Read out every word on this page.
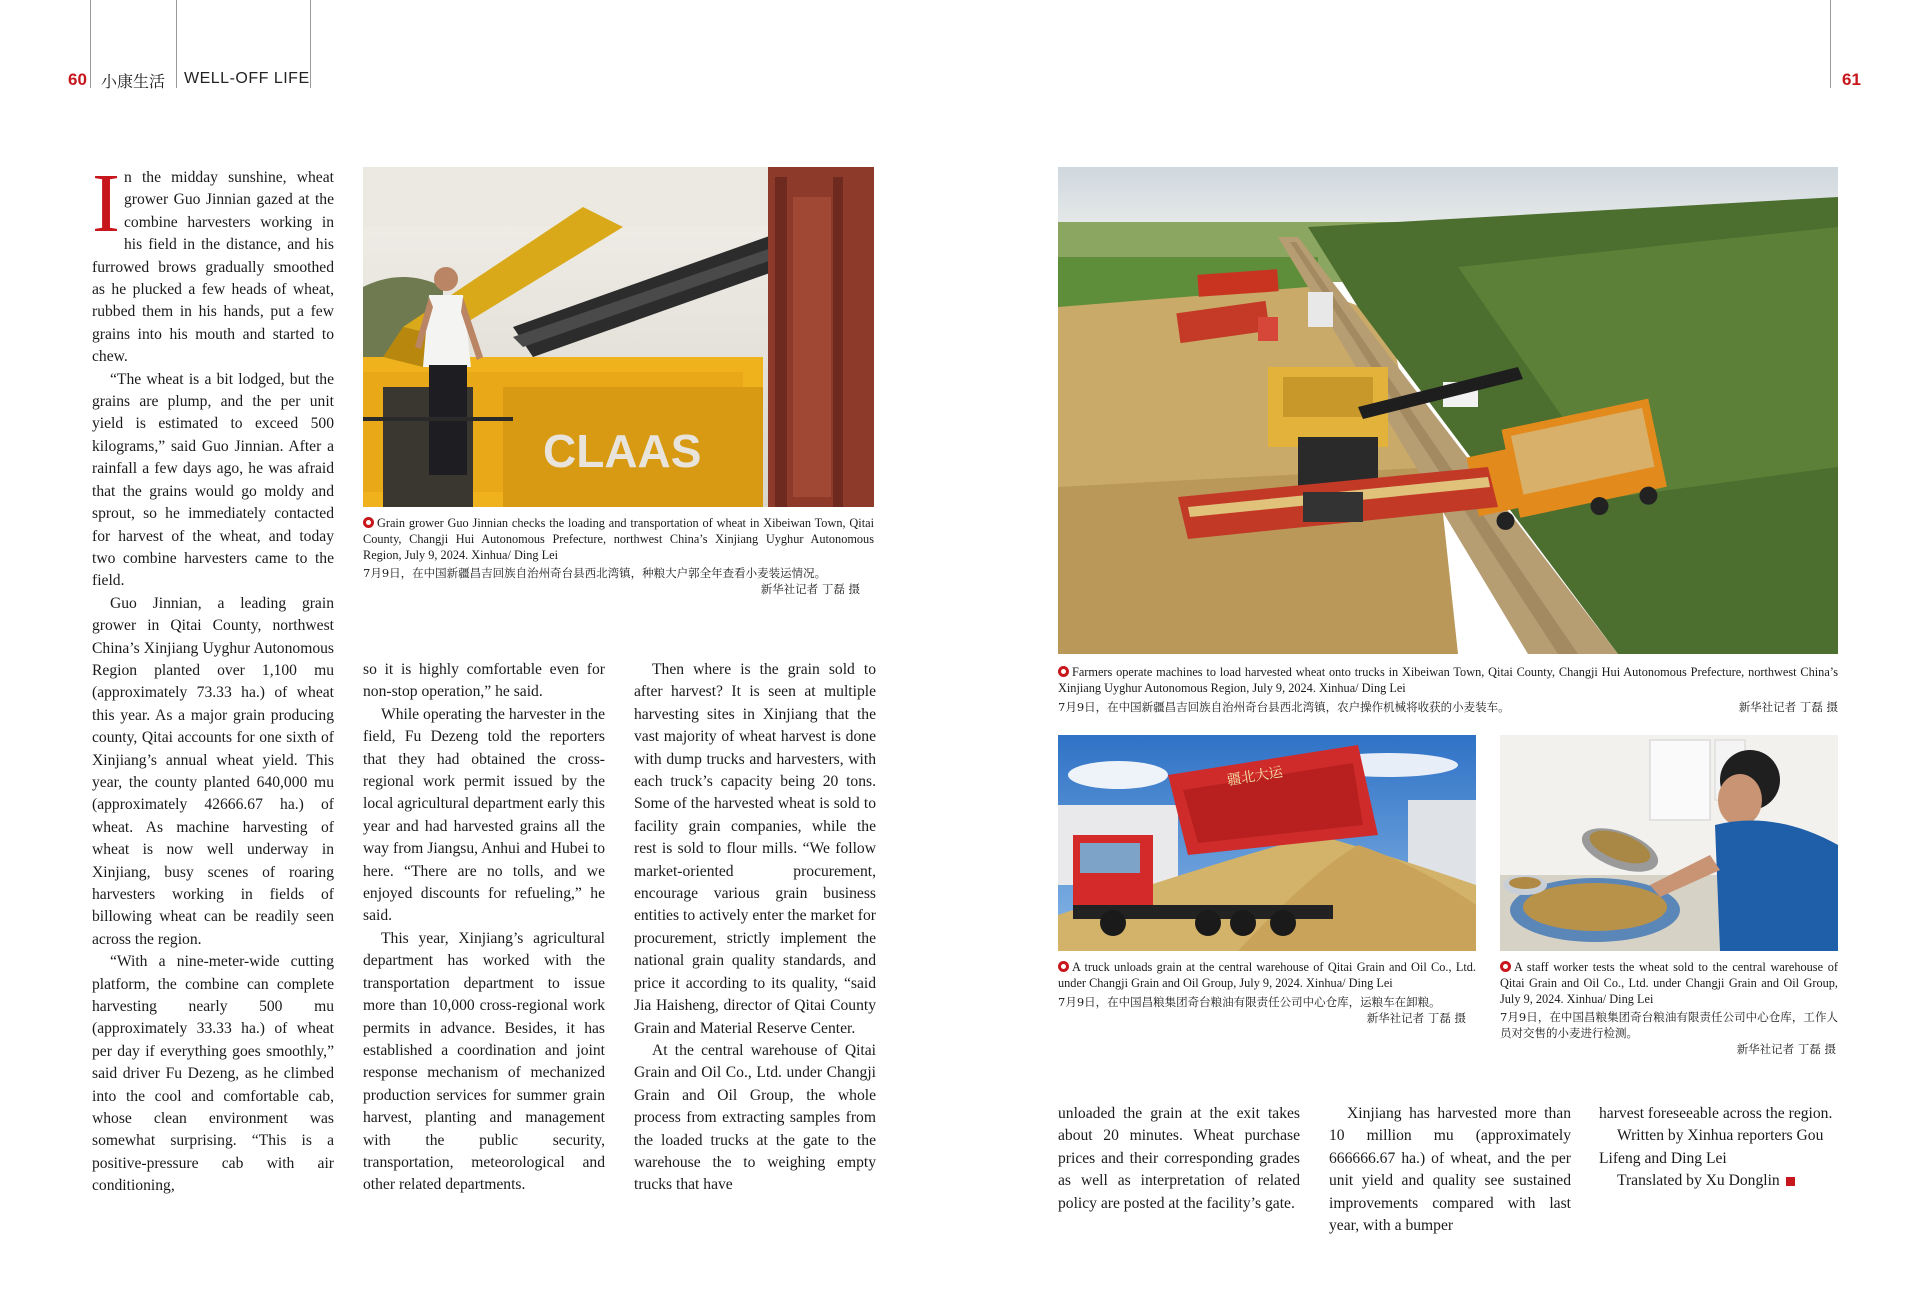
60 小康生活 WELL-OFF LIFE	61
I n the midday sunshine, wheat grower Guo Jinnian gazed at the combine harvesters working in his field in the distance, and his furrowed brows gradually smoothed as he plucked a few heads of wheat, rubbed them in his hands, put a few grains into his mouth and started to chew.

“The wheat is a bit lodged, but the grains are plump, and the per unit yield is estimated to exceed 500 kilograms,” said Guo Jinnian. After a rainfall a few days ago, he was afraid that the grains would go moldy and sprout, so he immediately contacted for harvest of the wheat, and today two combine harvesters came to the field.

Guo Jinnian, a leading grain grower in Qitai County, northwest China’s Xinjiang Uyghur Autonomous Region planted over 1,100 mu (approximately 73.33 ha.) of wheat this year. As a major grain producing county, Qitai accounts for one sixth of Xinjiang’s annual wheat yield. This year, the county planted 640,000 mu (approximately 42666.67 ha.) of wheat. As machine harvesting of wheat is now well underway in Xinjiang, busy scenes of roaring harvesters working in fields of billowing wheat can be readily seen across the region.

“With a nine-meter-wide cutting platform, the combine can complete harvesting nearly 500 mu (approximately 33.33 ha.) of wheat per day if everything goes smoothly,” said driver Fu Dezeng, as he climbed into the cool and comfortable cab, whose clean environment was somewhat surprising. “This is a positive-pressure cab with air conditioning,

so it is highly comfortable even for non-stop operation,” he said.

While operating the harvester in the field, Fu Dezeng told the reporters that they had obtained the cross-regional work permit issued by the local agricultural department early this year and had harvested grains all the way from Jiangsu, Anhui and Hubei to here. “There are no tolls, and we enjoyed discounts for refueling,” he said.

This year, Xinjiang’s agricultural department has worked with the transportation department to issue more than 10,000 cross-regional work permits in advance. Besides, it has established a coordination and joint response mechanism of mechanized production services for summer grain harvest, planting and management with the public security, transportation, meteorological and other related departments.

Then where is the grain sold to after harvest? It is seen at multiple harvesting sites in Xinjiang that the vast majority of wheat harvest is done with dump trucks and harvesters, with each truck’s capacity being 20 tons. Some of the harvested wheat is sold to facility grain companies, while the rest is sold to flour mills. “We follow market-oriented procurement, encourage various grain business entities to actively enter the market for procurement, strictly implement the national grain quality standards, and price it according to its quality, “said Jia Haisheng, director of Qitai County Grain and Material Reserve Center.

At the central warehouse of Qitai Grain and Oil Co., Ltd. under Changji Grain and Oil Group, the whole process from extracting samples from the loaded trucks at the gate to the warehouse the to weighing empty trucks that have

CLAAS
Grain grower Guo Jinnian checks the loading and transportation of wheat in Xibeiwan Town, Qitai County, Changji Hui Autonomous Prefecture, northwest China’s Xinjiang Uyghur Autonomous Region, July 9, 2024. Xinhua/ Ding Lei
7月9日，在中国新疆昌吉回族自治州奇台县西北湾镇，种粮大户郭全年查看小麦装运情况。
新华社记者 丁磊 摄
Farmers operate machines to load harvested wheat onto trucks in Xibeiwan Town, Qitai County, Changji Hui Autonomous Prefecture, northwest China’s Xinjiang Uyghur Autonomous Region, July 9, 2024. Xinhua/ Ding Lei
7月9日，在中国新疆昌吉回族自治州奇台县西北湾镇，农户操作机械将收获的小麦装车。	新华社记者 丁磊 摄
疆北大运
A truck unloads grain at the central warehouse of Qitai Grain and Oil Co., Ltd. under Changji Grain and Oil Group, July 9, 2024. Xinhua/ Ding Lei
7月9日，在中国昌粮集团奇台粮油有限责任公司中心仓库，运粮车在卸粮。
新华社记者 丁磊 摄
A staff worker tests the wheat sold to the central warehouse of Qitai Grain and Oil Co., Ltd. under Changji Grain and Oil Group, July 9, 2024. Xinhua/ Ding Lei
7月9日，在中国昌粮集团奇台粮油有限责任公司中心仓库，工作人员对交售的小麦进行检测。
新华社记者 丁磊 摄

unloaded the grain at the exit takes about 20 minutes. Wheat purchase prices and their corresponding grades as well as interpretation of related policy are posted at the facility’s gate.

Xinjiang has harvested more than 10 million mu (approximately 666666.67 ha.) of wheat, and the per unit yield and quality see sustained improvements compared with last year, with a bumper

harvest foreseeable across the region.

Written by Xinhua reporters Gou Lifeng and Ding Lei

Translated by Xu Donglin
